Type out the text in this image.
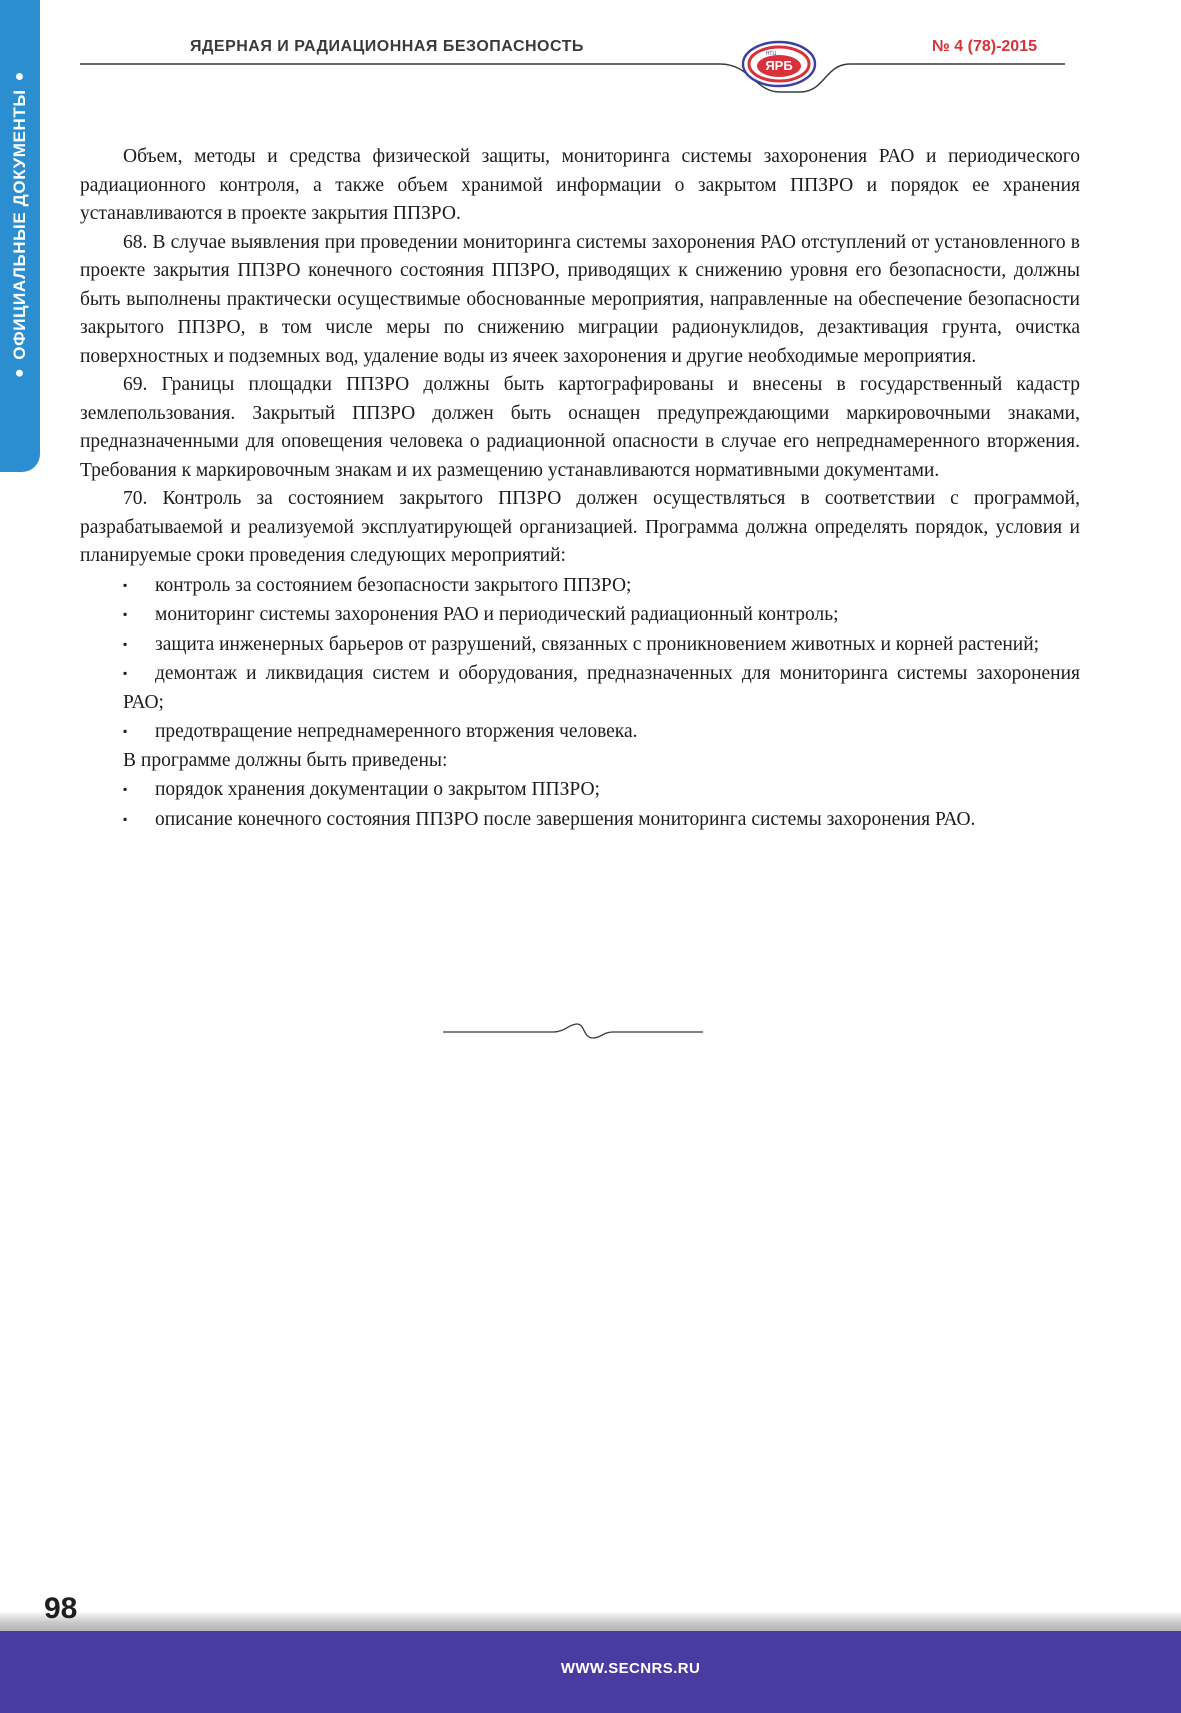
●
ОФИЦИАЛЬНЫЕ ДОКУМЕНТЫ
●
ЯДЕРНАЯ И РАДИАЦИОННАЯ БЕЗОПАСНОСТЬ	№ 4 (78)-2015
ЯРБ
НТЦ

Объем, методы и средства физической защиты, мониторинга системы захоронения РАО и периодического радиационного контроля, а также объем хранимой информации о закрытом ППЗРО и порядок ее хранения устанавливаются в проекте закрытия ППЗРО.

68. В случае выявления при проведении мониторинга системы захоронения РАО отступлений от установленного в проекте закрытия ППЗРО конечного состояния ППЗРО, приводящих к снижению уровня его безопасности, должны быть выполнены практически осуществимые обоснованные мероприятия, направленные на обеспечение безопасности закрытого ППЗРО, в том числе меры по снижению миграции радионуклидов, дезактивация грунта, очистка поверхностных и подземных вод, удаление воды из ячеек захоронения и другие необходимые мероприятия.

69. Границы площадки ППЗРО должны быть картографированы и внесены в государственный кадастр землепользования. Закрытый ППЗРО должен быть оснащен предупреждающими маркировочными знаками, предназначенными для оповещения человека о радиационной опасности в случае его непреднамеренного вторжения. Требования к маркировочным знакам и их размещению устанавливаются нормативными документами.

70. Контроль за состоянием закрытого ППЗРО должен осуществляться в соответствии с программой, разрабатываемой и реализуемой эксплуатирующей организацией. Программа должна определять порядок, условия и планируемые сроки проведения следующих мероприятий:

▪ контроль за состоянием безопасности закрытого ППЗРО;
▪ мониторинг системы захоронения РАО и периодический радиационный контроль;
▪ защита инженерных барьеров от разрушений, связанных с проникновением животных и корней растений;
▪ демонтаж и ликвидация систем и оборудования, предназначенных для мониторинга системы захоронения РАО;
▪ предотвращение непреднамеренного вторжения человека.

В программе должны быть приведены:

▪ порядок хранения документации о закрытом ППЗРО;
▪ описание конечного состояния ППЗРО после завершения мониторинга системы захоронения РАО.
98
WWW.SECNRS.RU
